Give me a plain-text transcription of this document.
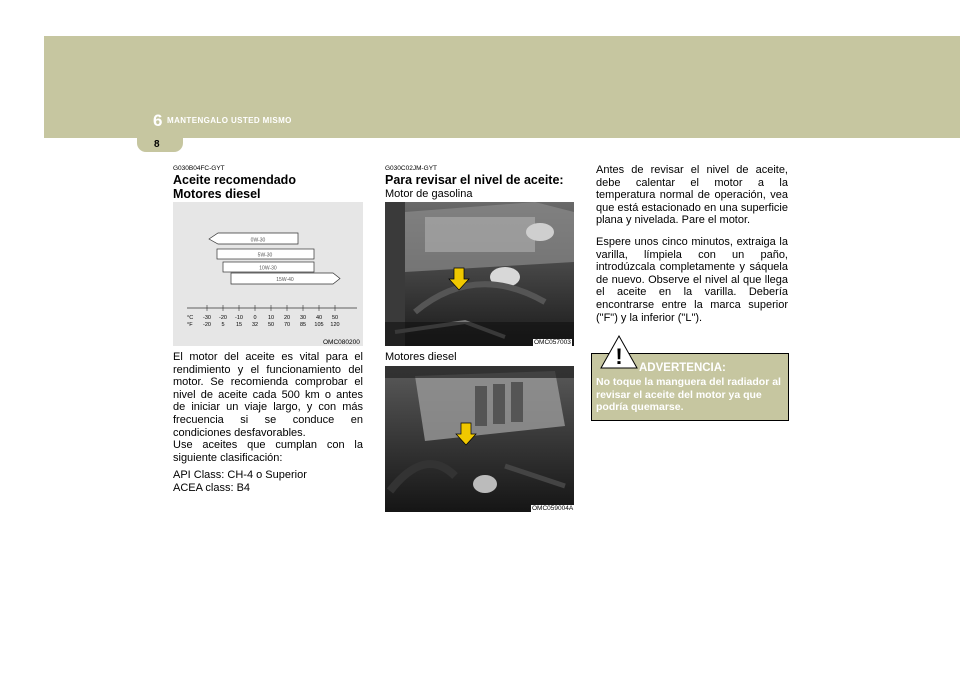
6 MANTENGALO USTED MISMO
8
G030B04FC-GYT
Aceite recomendado
Motores diesel
0W-30
5W-30
10W-30
15W-40
-30
-20
-20
5
-10
15
0
32
10
50
20
70
30
85
40
105
50
120
°C
°F
OMC080200

El motor del aceite es vital para el rendimiento y el funcionamiento del motor. Se recomienda comprobar el nivel de aceite cada 500 km o antes de iniciar un viaje largo, y con más frecuencia si se conduce en condiciones desfavorables.

Use aceites que cumplan con la siguiente clasificación:

API Class: CH-4 o Superior
ACEA class: B4
G030C02JM-GYT
Para revisar el nivel de aceite:
Motor de gasolina
OMC057003
Motores diesel
OMC059004A

Antes de revisar el nivel de aceite, debe calentar el motor a la temperatura normal de operación, vea que está estacionado en una superficie plana y nivelada. Pare el motor.

Espere unos cinco minutos, extraiga la varilla, límpiela con un paño, introdúzcala completamente y sáquela de nuevo. Observe el nivel al que llega el aceite en la varilla. Debería encontrarse entre la marca superior ("F") y la inferior ("L").

! ADVERTENCIA:
No toque la manguera del radiador al revisar el aceite del motor ya que podría quemarse.
